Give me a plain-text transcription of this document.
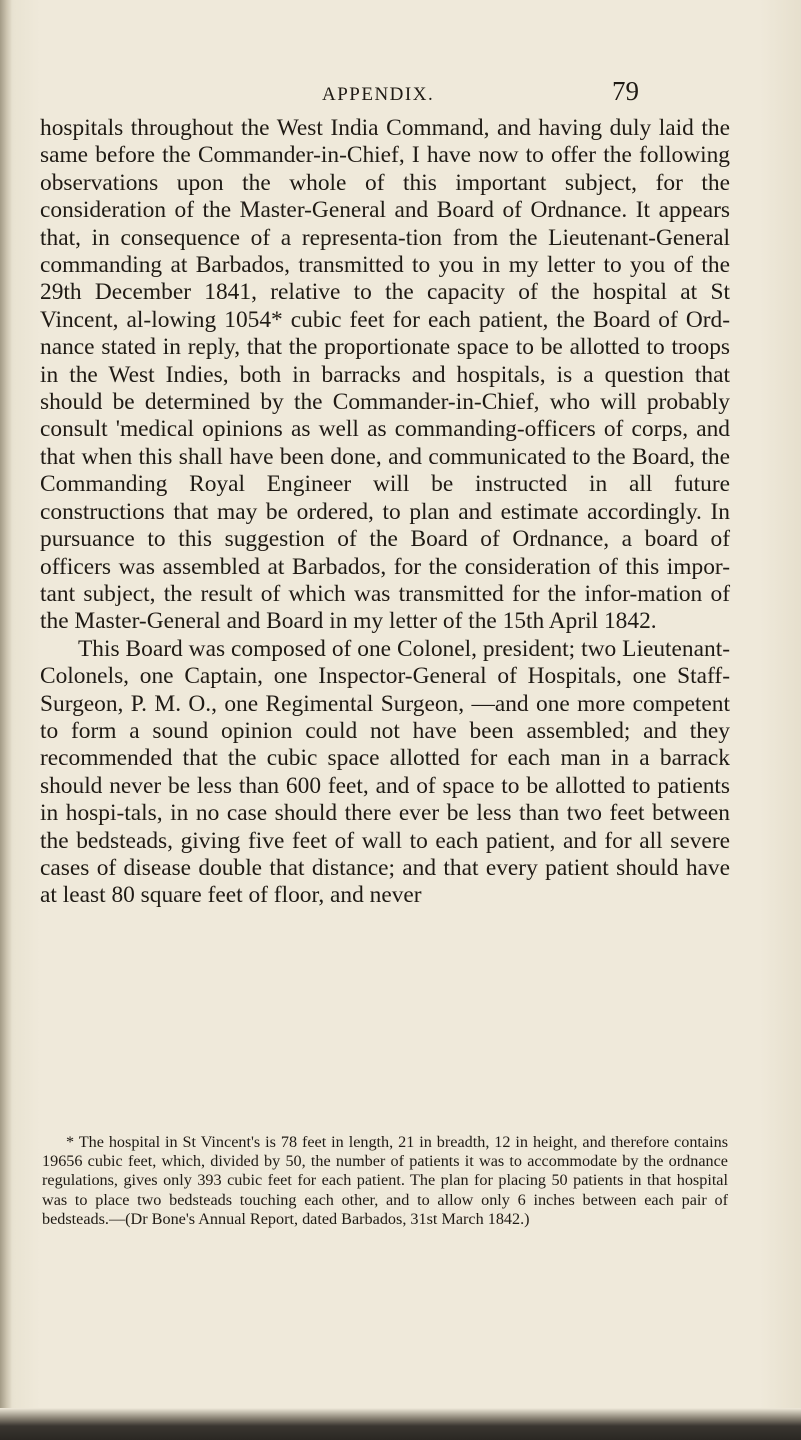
APPENDIX.	79

hospitals throughout the West India Command, and having duly laid the same before the Commander-in-Chief, I have now to offer the following observations upon the whole of this important subject, for the consideration of the Master-General and Board of Ordnance. It appears that, in consequence of a representa-tion from the Lieutenant-General commanding at Barbados, transmitted to you in my letter to you of the 29th December 1841, relative to the capacity of the hospital at St Vincent, al-lowing 1054* cubic feet for each patient, the Board of Ord-nance stated in reply, that the proportionate space to be allotted to troops in the West Indies, both in barracks and hospitals, is a question that should be determined by the Commander-in-Chief, who will probably consult 'medical opinions as well as commanding-officers of corps, and that when this shall have been done, and communicated to the Board, the Commanding Royal Engineer will be instructed in all future constructions that may be ordered, to plan and estimate accordingly. In pursuance to this suggestion of the Board of Ordnance, a board of officers was assembled at Barbados, for the consideration of this impor-tant subject, the result of which was transmitted for the infor-mation of the Master-General and Board in my letter of the 15th April 1842.

This Board was composed of one Colonel, president; two Lieutenant-Colonels, one Captain, one Inspector-General of Hospitals, one Staff-Surgeon, P. M. O., one Regimental Surgeon, —and one more competent to form a sound opinion could not have been assembled; and they recommended that the cubic space allotted for each man in a barrack should never be less than 600 feet, and of space to be allotted to patients in hospi-tals, in no case should there ever be less than two feet between the bedsteads, giving five feet of wall to each patient, and for all severe cases of disease double that distance; and that every patient should have at least 80 square feet of floor, and never

* The hospital in St Vincent's is 78 feet in length, 21 in breadth, 12 in height, and therefore contains 19656 cubic feet, which, divided by 50, the number of patients it was to accommodate by the ordnance regulations, gives only 393 cubic feet for each patient. The plan for placing 50 patients in that hospital was to place two bedsteads touching each other, and to allow only 6 inches between each pair of bedsteads.—(Dr Bone's Annual Report, dated Barbados, 31st March 1842.)
